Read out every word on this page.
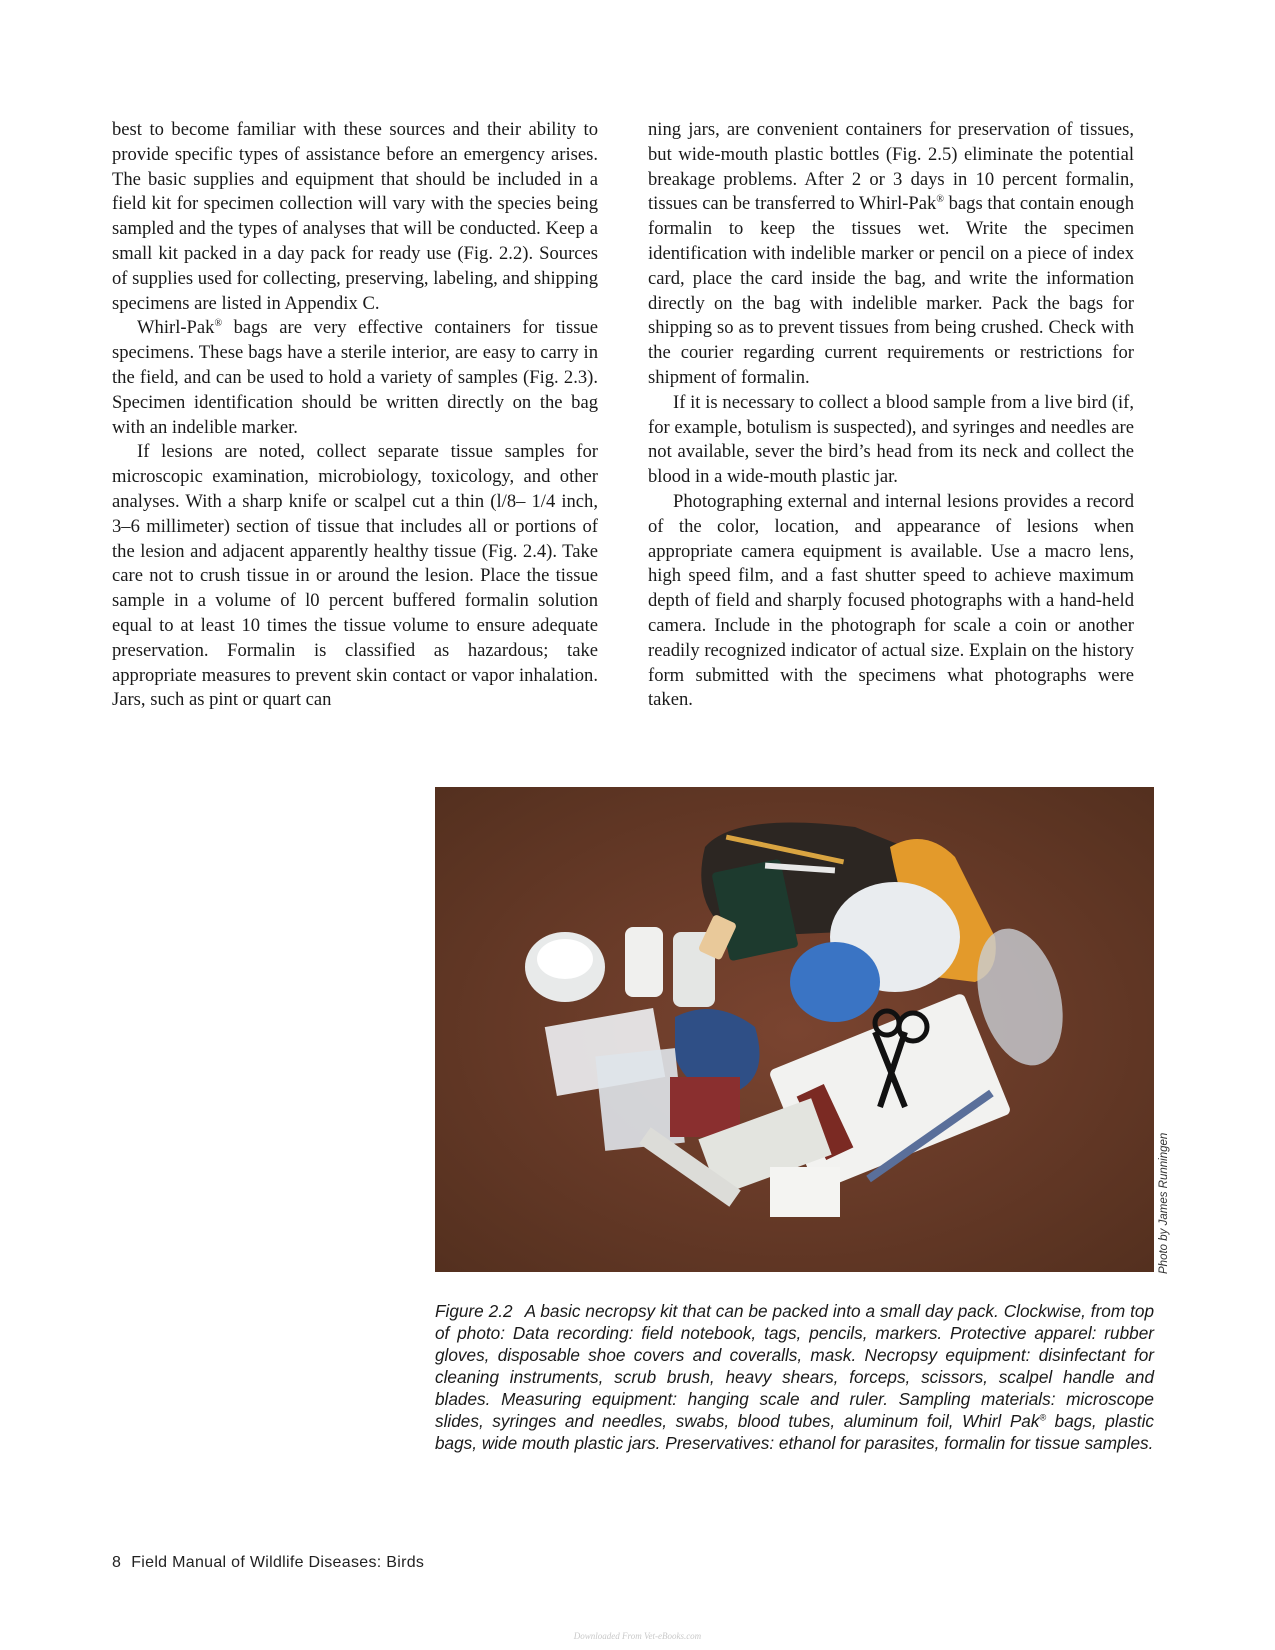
best to become familiar with these sources and their ability to provide specific types of assistance before an emergency arises. The basic supplies and equipment that should be included in a field kit for specimen collection will vary with the species being sampled and the types of analyses that will be conducted. Keep a small kit packed in a day pack for ready use (Fig. 2.2). Sources of supplies used for collecting, preserving, labeling, and shipping specimens are listed in Appendix C.

Whirl-Pak® bags are very effective containers for tissue specimens. These bags have a sterile interior, are easy to carry in the field, and can be used to hold a variety of samples (Fig. 2.3). Specimen identification should be written directly on the bag with an indelible marker.

If lesions are noted, collect separate tissue samples for microscopic examination, microbiology, toxicology, and other analyses. With a sharp knife or scalpel cut a thin (l/8– 1/4 inch, 3–6 millimeter) section of tissue that includes all or portions of the lesion and adjacent apparently healthy tissue (Fig. 2.4). Take care not to crush tissue in or around the lesion. Place the tissue sample in a volume of l0 percent buffered formalin solution equal to at least 10 times the tissue volume to ensure adequate preservation. Formalin is classified as hazardous; take appropriate measures to prevent skin contact or vapor inhalation. Jars, such as pint or quart can

ning jars, are convenient containers for preservation of tissues, but wide-mouth plastic bottles (Fig. 2.5) eliminate the potential breakage problems. After 2 or 3 days in 10 percent formalin, tissues can be transferred to Whirl-Pak® bags that contain enough formalin to keep the tissues wet. Write the specimen identification with indelible marker or pencil on a piece of index card, place the card inside the bag, and write the information directly on the bag with indelible marker. Pack the bags for shipping so as to prevent tissues from being crushed. Check with the courier regarding current requirements or restrictions for shipment of formalin.

If it is necessary to collect a blood sample from a live bird (if, for example, botulism is suspected), and syringes and needles are not available, sever the bird’s head from its neck and collect the blood in a wide-mouth plastic jar.

Photographing external and internal lesions provides a record of the color, location, and appearance of lesions when appropriate camera equipment is available. Use a macro lens, high speed film, and a fast shutter speed to achieve maximum depth of field and sharply focused photographs with a hand-held camera. Include in the photograph for scale a coin or another readily recognized indicator of actual size. Explain on the history form submitted with the specimens what photographs were taken.

Photo by James Runningen
Figure 2.2 A basic necropsy kit that can be packed into a small day pack. Clockwise, from top of photo: Data recording: field notebook, tags, pencils, markers. Protective apparel: rubber gloves, disposable shoe covers and coveralls, mask. Necropsy equipment: disinfectant for cleaning instruments, scrub brush, heavy shears, forceps, scissors, scalpel handle and blades. Measuring equipment: hanging scale and ruler. Sampling materials: microscope slides, syringes and needles, swabs, blood tubes, aluminum foil, Whirl Pak® bags, plastic bags, wide mouth plastic jars. Preservatives: ethanol for parasites, formalin for tissue samples.
8 Field Manual of Wildlife Diseases: Birds
Downloaded From Vet-eBooks.com
